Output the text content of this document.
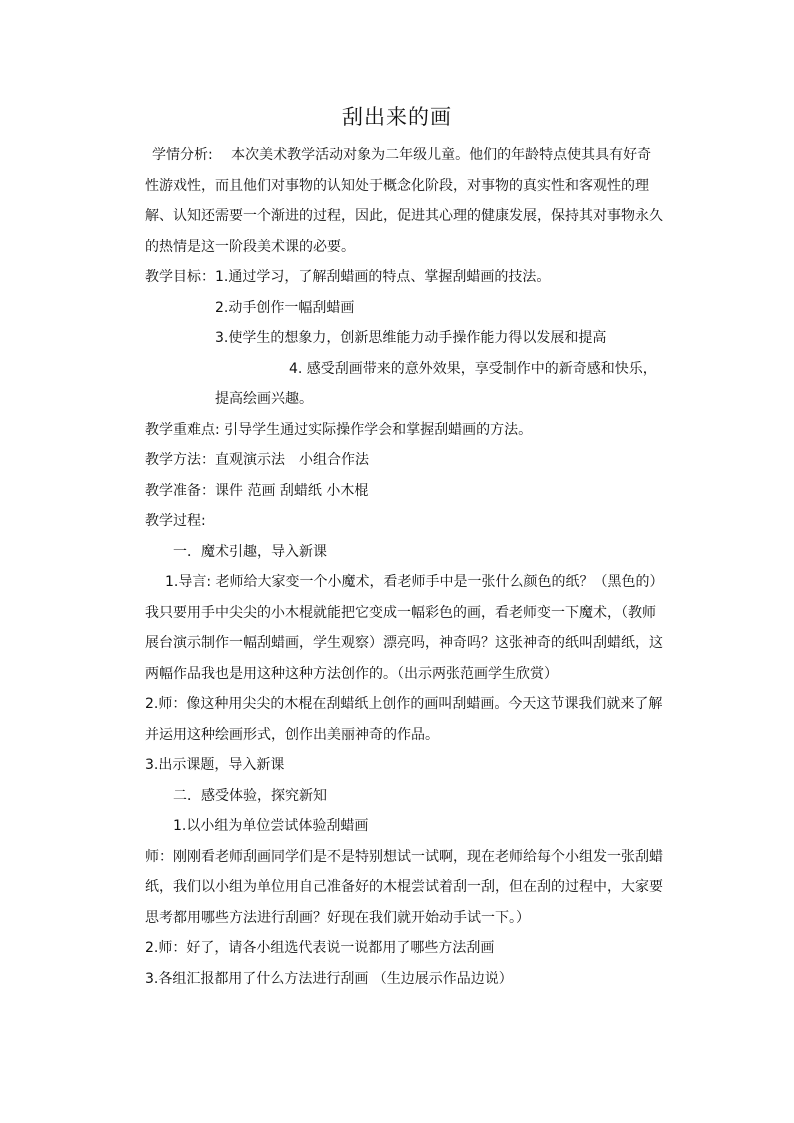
刮出来的画

学情分析:　 本次美术教学活动对象为二年级儿童。他们的年龄特点使其具有好奇性游戏性，而且他们对事物的认知处于概念化阶段，对事物的真实性和客观性的理解、认知还需要一个渐进的过程，因此，促进其心理的健康发展，保持其对事物永久的热情是这一阶段美术课的必要。

教学目标：1.通过学习，了解刮蜡画的特点、掌握刮蜡画的技法。

2.动手创作一幅刮蜡画

3.使学生的想象力，创新思维能力动手操作能力得以发展和提高

4. 感受刮画带来的意外效果，享受制作中的新奇感和快乐，提高绘画兴趣。

教学重难点: 引导学生通过实际操作学会和掌握刮蜡画的方法。

教学方法：直观演示法　小组合作法

教学准备：课件 范画 刮蜡纸 小木棍

教学过程:

一．魔术引趣，导入新课

1.导言: 老师给大家变一个小魔术，看老师手中是一张什么颜色的纸？（黑色的）我只要用手中尖尖的小木棍就能把它变成一幅彩色的画，看老师变一下魔术，（教师展台演示制作一幅刮蜡画，学生观察）漂亮吗，神奇吗？这张神奇的纸叫刮蜡纸，这两幅作品我也是用这种这种方法创作的。（出示两张范画学生欣赏）

2.师：像这种用尖尖的木棍在刮蜡纸上创作的画叫刮蜡画。今天这节课我们就来了解并运用这种绘画形式，创作出美丽神奇的作品。

3.出示课题，导入新课

二．感受体验，探究新知

1.以小组为单位尝试体验刮蜡画

师：刚刚看老师刮画同学们是不是特别想试一试啊，现在老师给每个小组发一张刮蜡纸，我们以小组为单位用自己准备好的木棍尝试着刮一刮，但在刮的过程中，大家要思考都用哪些方法进行刮画？好现在我们就开始动手试一下。）

2.师：好了，请各小组选代表说一说都用了哪些方法刮画

3.各组汇报都用了什么方法进行刮画 （生边展示作品边说）
